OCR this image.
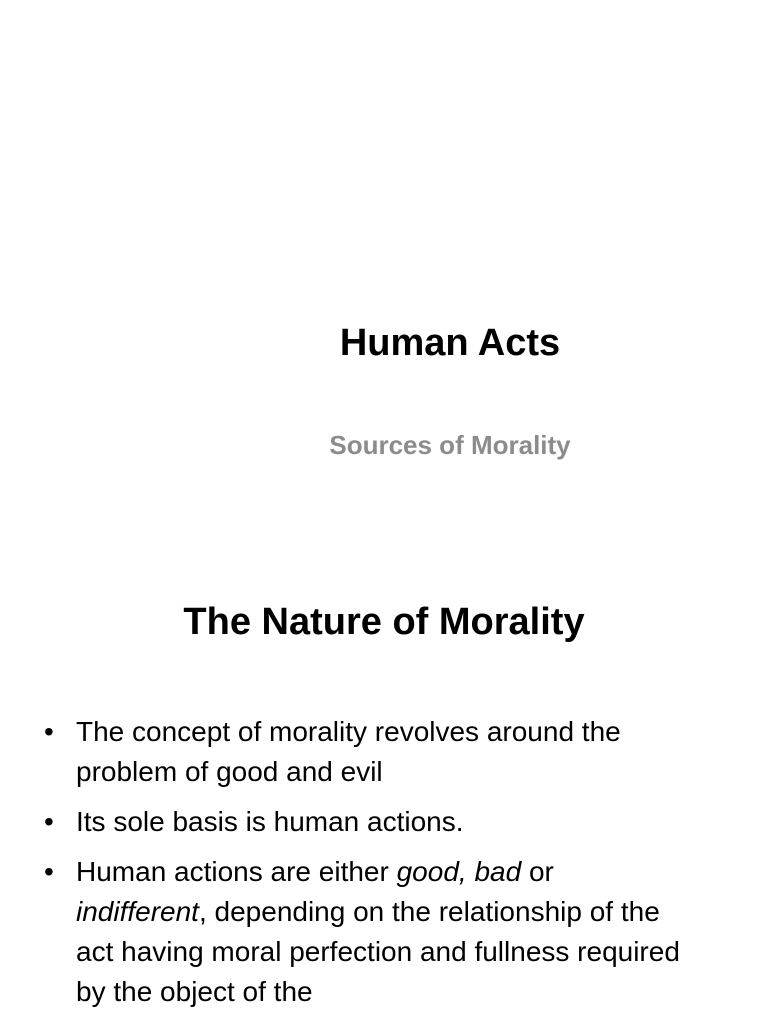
Human Acts
Sources of Morality
The Nature of Morality
• The concept of morality revolves around the problem of good and evil
• Its sole basis is human actions.
• Human actions are either good, bad or indifferent, depending on the relationship of the act having moral perfection and fullness required by the object of the
